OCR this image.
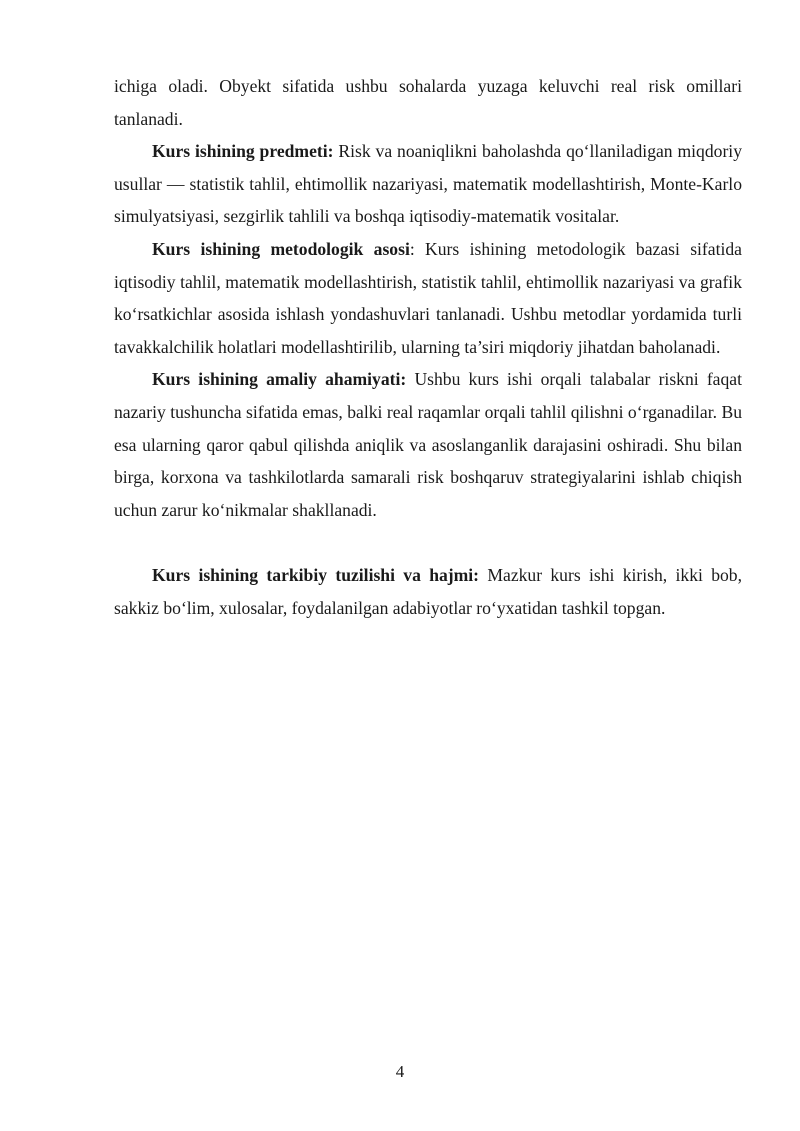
ichiga oladi. Obyekt sifatida ushbu sohalarda yuzaga keluvchi real risk omillari tanlanadi.

Kurs ishining predmeti: Risk va noaniqlikni baholashda qo‘llaniladigan miqdoriy usullar — statistik tahlil, ehtimollik nazariyasi, matematik modellashtirish, Monte-Karlo simulyatsiyasi, sezgirlik tahlili va boshqa iqtisodiy-matematik vositalar.

Kurs ishining metodologik asosi: Kurs ishining metodologik bazasi sifatida iqtisodiy tahlil, matematik modellashtirish, statistik tahlil, ehtimollik nazariyasi va grafik ko‘rsatkichlar asosida ishlash yondashuvlari tanlanadi. Ushbu metodlar yordamida turli tavakkalchilik holatlari modellashtirilib, ularning ta’siri miqdoriy jihatdan baholanadi.

Kurs ishining amaliy ahamiyati: Ushbu kurs ishi orqali talabalar riskni faqat nazariy tushuncha sifatida emas, balki real raqamlar orqali tahlil qilishni o‘rganadilar. Bu esa ularning qaror qabul qilishda aniqlik va asoslanganlik darajasini oshiradi. Shu bilan birga, korxona va tashkilotlarda samarali risk boshqaruv strategiyalarini ishlab chiqish uchun zarur ko‘nikmalar shakllanadi.

Kurs ishining tarkibiy tuzilishi va hajmi: Mazkur kurs ishi kirish, ikki bob, sakkiz bo‘lim, xulosalar, foydalanilgan adabiyotlar ro‘yxatidan tashkil topgan.

4
